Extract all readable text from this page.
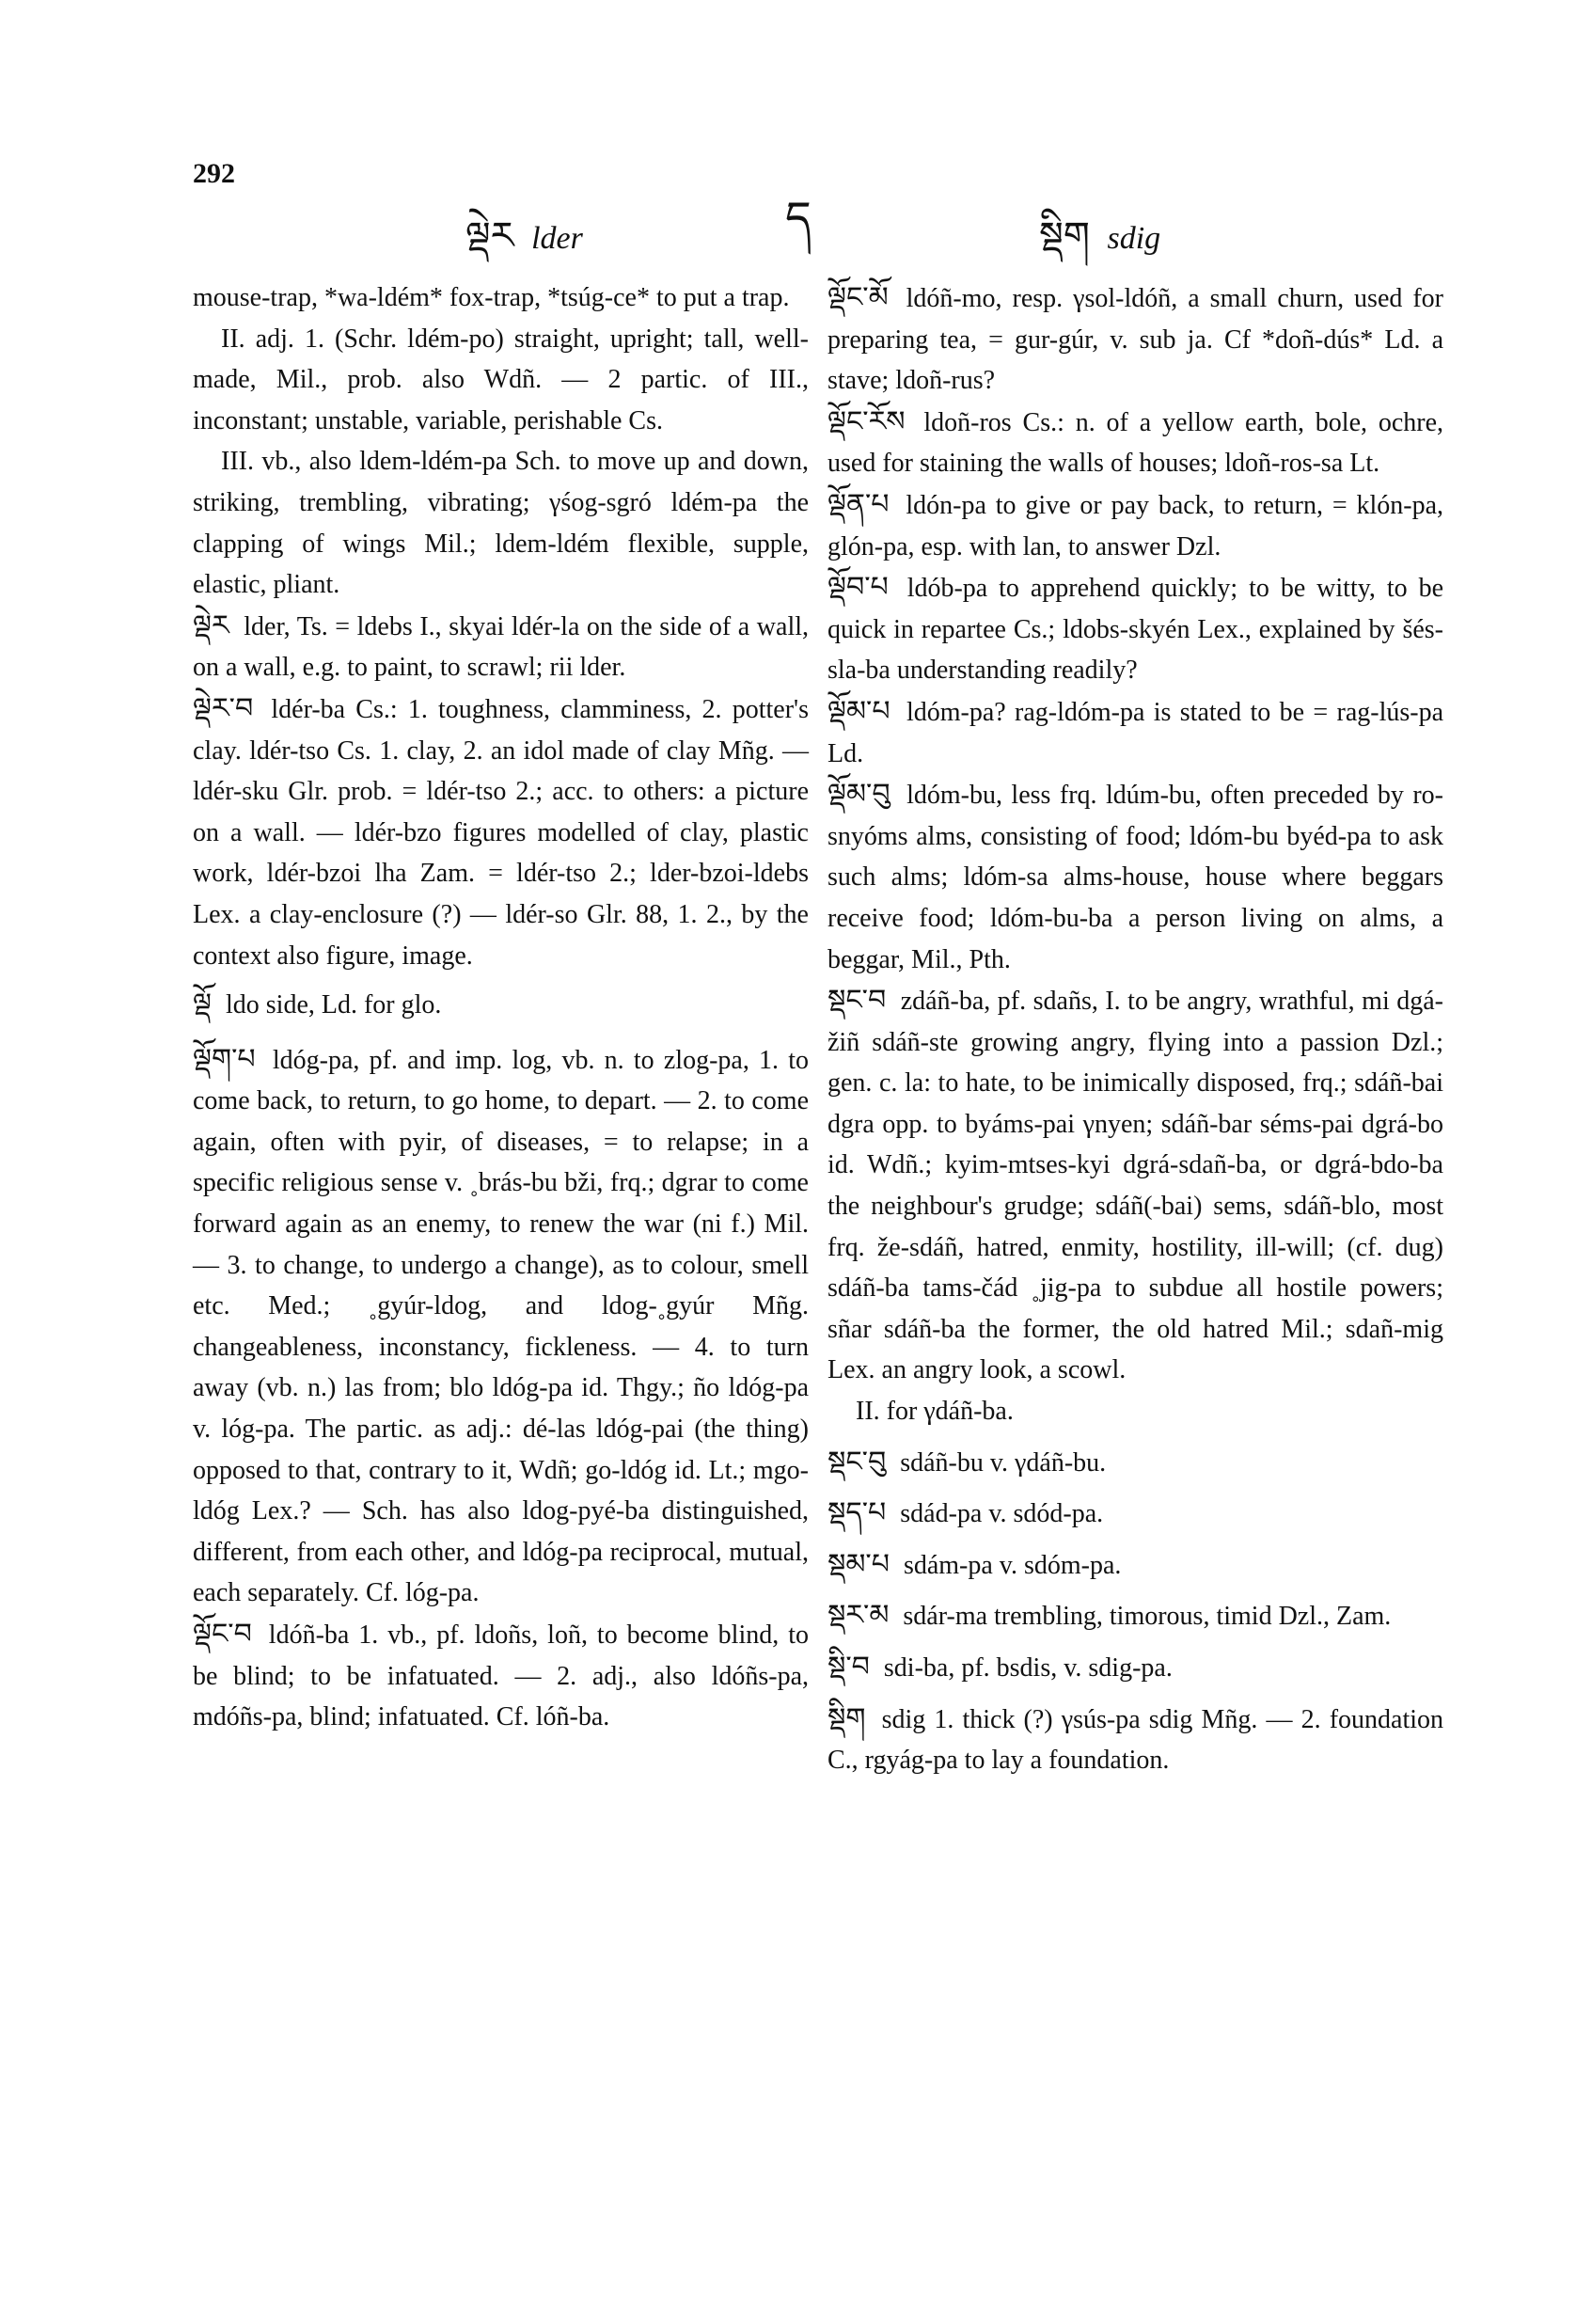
292
ལྡེར lder	ད	སྡིག sdig

mouse-trap, *wa-ldém* fox-trap, *tsúg-ce* to put a trap.

II. adj. 1. (Schr. ldém-po) straight, upright; tall, well-made, Mil., prob. also Wdñ. — 2 partic. of III., inconstant; unstable, variable, perishable Cs.

III. vb., also ldem-ldém-pa Sch. to move up and down, striking, trembling, vibrating; γśog-sgró ldém-pa the clapping of wings Mil.; ldem-ldém flexible, supple, elastic, pliant.

ལྡེར lder, Ts. = ldebs I., skyai ldér-la on the side of a wall, on a wall, e.g. to paint, to scrawl; rii lder.

ལྡེར་བ ldér-ba Cs.: 1. toughness, clamminess, 2. potter's clay. ldér-tso Cs. 1. clay, 2. an idol made of clay Mñg. — ldér-sku Glr. prob. = ldér-tso 2.; acc. to others: a picture on a wall. — ldér-bzo figures modelled of clay, plastic work, ldér-bzoi lha Zam. = ldér-tso 2.; lder-bzoi-ldebs Lex. a clay-enclosure (?) — ldér-so Glr. 88, 1. 2., by the context also figure, image.

ལྡོ ldo side, Ld. for glo.

ལྡོག་པ ldóg-pa, pf. and imp. log, vb. n. to zlog-pa, 1. to come back, to return, to go home, to depart. — 2. to come again, often with pyir, of diseases, = to relapse; in a specific religious sense v. ˳brás-bu bži, frq.; dgrar to come forward again as an enemy, to renew the war (ni f.) Mil. — 3. to change, to undergo a change), as to colour, smell etc. Med.; ˳gyúr-ldog, and ldog-˳gyúr Mñg. changeableness, inconstancy, fickleness. — 4. to turn away (vb. n.) las from; blo ldóg-pa id. Thgy.; ño ldóg-pa v. lóg-pa. The partic. as adj.: dé-las ldóg-pai (the thing) opposed to that, contrary to it, Wdñ; go-ldóg id. Lt.; mgo-ldóg Lex.? — Sch. has also ldog-pyé-ba distinguished, different, from each other, and ldóg-pa reciprocal, mutual, each separately. Cf. lóg-pa.

ལྡོང་བ ldóñ-ba 1. vb., pf. ldoñs, loñ, to become blind, to be blind; to be infatuated. — 2. adj., also ldóñs-pa, mdóñs-pa, blind; infatuated. Cf. lóñ-ba.

ལྡོང་མོ ldóñ-mo, resp. γsol-ldóñ, a small churn, used for preparing tea, = gur-gúr, v. sub ja. Cf *doñ-dús* Ld. a stave; ldoñ-rus?

ལྡོང་རོས ldoñ-ros Cs.: n. of a yellow earth, bole, ochre, used for staining the walls of houses; ldoñ-ros-sa Lt.

ལྡོན་པ ldón-pa to give or pay back, to return, = klón-pa, glón-pa, esp. with lan, to answer Dzl.

ལྡོབ་པ ldób-pa to apprehend quickly; to be witty, to be quick in repartee Cs.; ldobs-skyén Lex., explained by šés-sla-ba understanding readily?

ལྡོམ་པ ldóm-pa? rag-ldóm-pa is stated to be = rag-lús-pa Ld.

ལྡོམ་བུ ldóm-bu, less frq. ldúm-bu, often preceded by ro-snyóms alms, consisting of food; ldóm-bu byéd-pa to ask such alms; ldóm-sa alms-house, house where beggars receive food; ldóm-bu-ba a person living on alms, a beggar, Mil., Pth.

སྡང་བ zdáñ-ba, pf. sdañs, I. to be angry, wrathful, mi dgá-žiñ sdáñ-ste growing angry, flying into a passion Dzl.; gen. c. la: to hate, to be inimically disposed, frq.; sdáñ-bai dgra opp. to byáms-pai γnyen; sdáñ-bar séms-pai dgrá-bo id. Wdñ.; kyim-mtses-kyi dgrá-sdañ-ba, or dgrá-bdo-ba the neighbour's grudge; sdáñ(-bai) sems, sdáñ-blo, most frq. že-sdáñ, hatred, enmity, hostility, ill-will; (cf. dug) sdáñ-ba tams-čád ˳jig-pa to subdue all hostile powers; sñar sdáñ-ba the former, the old hatred Mil.; sdañ-mig Lex. an angry look, a scowl.

II. for γdáñ-ba.

སྡང་བུ sdáñ-bu v. γdáñ-bu.

སྡད་པ sdád-pa v. sdód-pa.

སྡམ་པ sdám-pa v. sdóm-pa.

སྡར་མ sdár-ma trembling, timorous, timid Dzl., Zam.

སྡི་བ sdi-ba, pf. bsdis, v. sdig-pa.

སྡིག sdig 1. thick (?) γsús-pa sdig Mñg. — 2. foundation C., rgyág-pa to lay a foundation.
